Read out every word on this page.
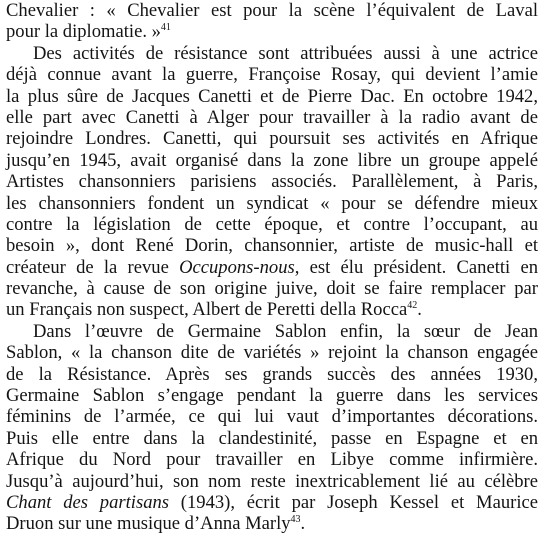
Chevalier : « Chevalier est pour la scène l’équivalent de Laval
pour la diplomatie. »$^{41}$
Des activités de résistance sont attribuées aussi à une actrice
déjà connue avant la guerre, Françoise Rosay, qui devient l’amie
la plus sûre de Jacques Canetti et de Pierre Dac. En octobre 1942,
elle part avec Canetti à Alger pour travailler à la radio avant de
rejoindre Londres. Canetti, qui poursuit ses activités en Afrique
jusqu’en 1945, avait organisé dans la zone libre un groupe appelé
Artistes chansonniers parisiens associés. Parallèlement, à Paris,
les chansonniers fondent un syndicat « pour se défendre mieux
contre la législation de cette époque, et contre l’occupant, au
besoin », dont René Dorin, chansonnier, artiste de music-hall et
créateur de la revue Occupons-nous, est élu président. Canetti en
revanche, à cause de son origine juive, doit se faire remplacer par
un Français non suspect, Albert de Peretti della Rocca$^{42}$.
Dans l’œuvre de Germaine Sablon enfin, la sœur de Jean
Sablon, « la chanson dite de variétés » rejoint la chanson engagée
de la Résistance. Après ses grands succès des années 1930,
Germaine Sablon s’engage pendant la guerre dans les services
féminins de l’armée, ce qui lui vaut d’importantes décorations.
Puis elle entre dans la clandestinité, passe en Espagne et en
Afrique du Nord pour travailler en Libye comme infirmière.
Jusqu’à aujourd’hui, son nom reste inextricablement lié au célèbre
Chant des partisans (1943), écrit par Joseph Kessel et Maurice
Druon sur une musique d’Anna Marly$^{43}$.
